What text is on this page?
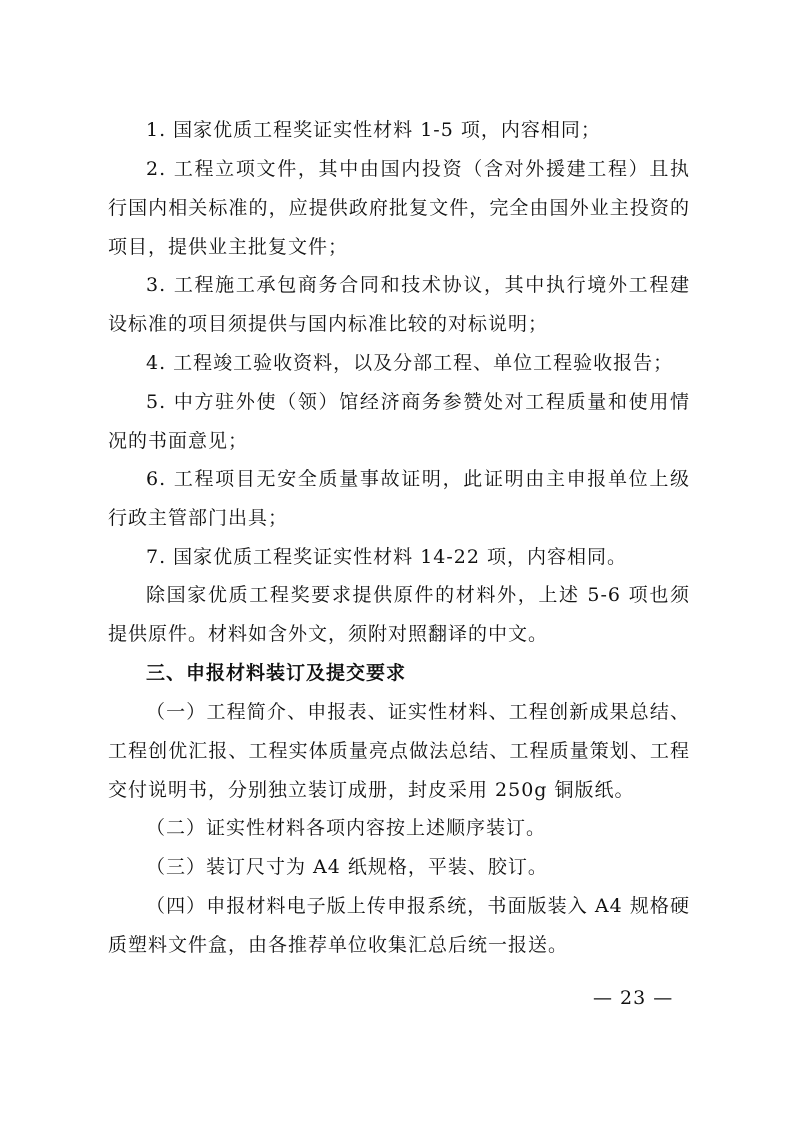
1. 国家优质工程奖证实性材料 1-5 项，内容相同；

2. 工程立项文件，其中由国内投资（含对外援建工程）且执行国内相关标准的，应提供政府批复文件，完全由国外业主投资的项目，提供业主批复文件；

3. 工程施工承包商务合同和技术协议，其中执行境外工程建设标准的项目须提供与国内标准比较的对标说明；

4. 工程竣工验收资料，以及分部工程、单位工程验收报告；

5. 中方驻外使（领）馆经济商务参赞处对工程质量和使用情况的书面意见；

6. 工程项目无安全质量事故证明，此证明由主申报单位上级行政主管部门出具；

7. 国家优质工程奖证实性材料 14-22 项，内容相同。

除国家优质工程奖要求提供原件的材料外，上述 5-6 项也须提供原件。材料如含外文，须附对照翻译的中文。

三、申报材料装订及提交要求

（一）工程简介、申报表、证实性材料、工程创新成果总结、工程创优汇报、工程实体质量亮点做法总结、工程质量策划、工程交付说明书，分别独立装订成册，封皮采用 250g 铜版纸。

（二）证实性材料各项内容按上述顺序装订。

（三）装订尺寸为 A4 纸规格，平装、胶订。

（四）申报材料电子版上传申报系统，书面版装入 A4 规格硬质塑料文件盒，由各推荐单位收集汇总后统一报送。

— 23 —
